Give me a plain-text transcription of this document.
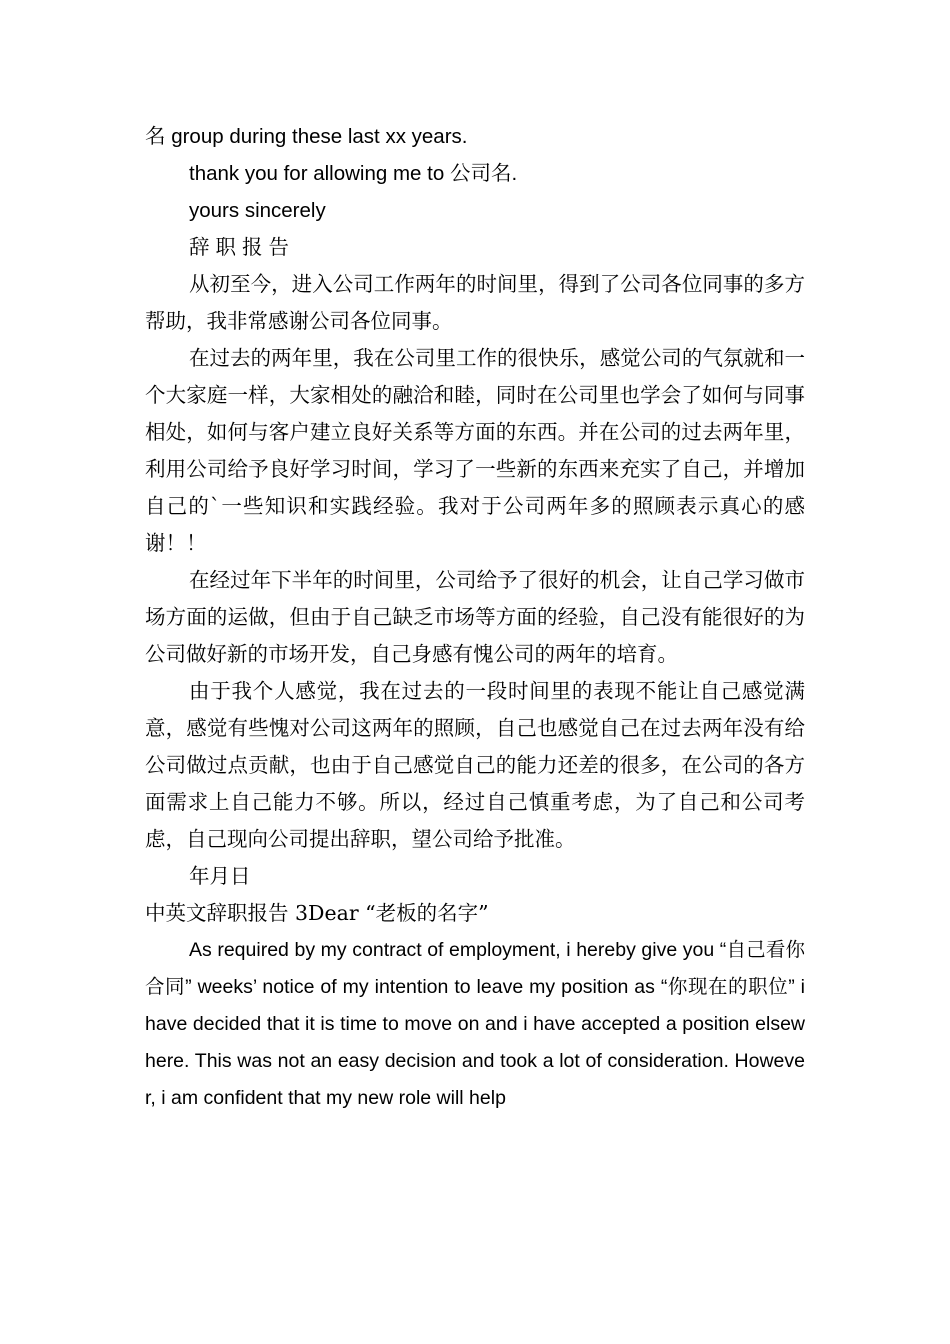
名 group during these last xx years.

thank you for allowing me to 公司名.

yours sincerely

辞职报告

从初至今，进入公司工作两年的时间里，得到了公司各位同事的多方帮助，我非常感谢公司各位同事。

在过去的两年里，我在公司里工作的很快乐，感觉公司的气氛就和一个大家庭一样，大家相处的融洽和睦，同时在公司里也学会了如何与同事相处，如何与客户建立良好关系等方面的东西。并在公司的过去两年里，利用公司给予良好学习时间，学习了一些新的东西来充实了自己，并增加自己的`一些知识和实践经验。我对于公司两年多的照顾表示真心的感谢！！

在经过年下半年的时间里，公司给予了很好的机会，让自己学习做市场方面的运做，但由于自己缺乏市场等方面的经验，自己没有能很好的为公司做好新的市场开发，自己身感有愧公司的两年的培育。

由于我个人感觉，我在过去的一段时间里的表现不能让自己感觉满意，感觉有些愧对公司这两年的照顾，自己也感觉自己在过去两年没有给公司做过点贡献，也由于自己感觉自己的能力还差的很多，在公司的各方面需求上自己能力不够。所以，经过自己慎重考虑，为了自己和公司考虑，自己现向公司提出辞职，望公司给予批准。

年月日

中英文辞职报告 3Dear “老板的名字”

As required by my contract of employment, i hereby give you “自己看你合同” weeks’ notice of my intention to leave my position as “你现在的职位” i have decided that it is time to move on and i have accepted a position elsewhere. This was not an easy decision and took a lot of consideration. However, i am confident that my new role will help
